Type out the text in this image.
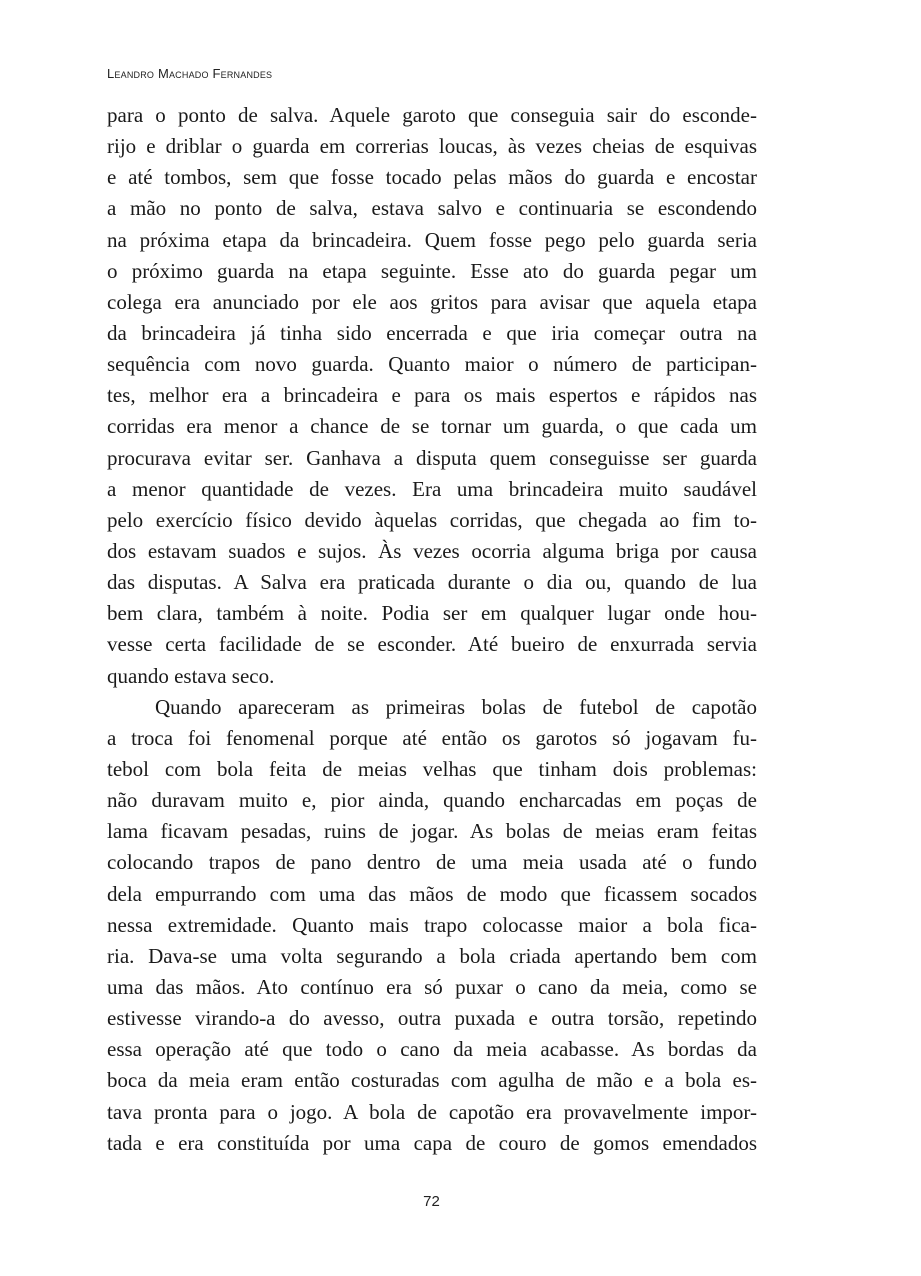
Leandro Machado Fernandes
para o ponto de salva. Aquele garoto que conseguia sair do esconde-
rijo e driblar o guarda em correrias loucas, às vezes cheias de esquivas
e até tombos, sem que fosse tocado pelas mãos do guarda e encostar
a mão no ponto de salva, estava salvo e continuaria se escondendo
na próxima etapa da brincadeira. Quem fosse pego pelo guarda seria
o próximo guarda na etapa seguinte. Esse ato do guarda pegar um
colega era anunciado por ele aos gritos para avisar que aquela etapa
da brincadeira já tinha sido encerrada e que iria começar outra na
sequência com novo guarda. Quanto maior o número de participan-
tes, melhor era a brincadeira e para os mais espertos e rápidos nas
corridas era menor a chance de se tornar um guarda, o que cada um
procurava evitar ser. Ganhava a disputa quem conseguisse ser guarda
a menor quantidade de vezes. Era uma brincadeira muito saudável
pelo exercício físico devido àquelas corridas, que chegada ao fim to-
dos estavam suados e sujos. Às vezes ocorria alguma briga por causa
das disputas. A Salva era praticada durante o dia ou, quando de lua
bem clara, também à noite. Podia ser em qualquer lugar onde hou-
vesse certa facilidade de se esconder. Até bueiro de enxurrada servia
quando estava seco.
Quando apareceram as primeiras bolas de futebol de capotão
a troca foi fenomenal porque até então os garotos só jogavam fu-
tebol com bola feita de meias velhas que tinham dois problemas:
não duravam muito e, pior ainda, quando encharcadas em poças de
lama ficavam pesadas, ruins de jogar. As bolas de meias eram feitas
colocando trapos de pano dentro de uma meia usada até o fundo
dela empurrando com uma das mãos de modo que ficassem socados
nessa extremidade. Quanto mais trapo colocasse maior a bola fica-
ria. Dava-se uma volta segurando a bola criada apertando bem com
uma das mãos. Ato contínuo era só puxar o cano da meia, como se
estivesse virando-a do avesso, outra puxada e outra torsão, repetindo
essa operação até que todo o cano da meia acabasse. As bordas da
boca da meia eram então costuradas com agulha de mão e a bola es-
tava pronta para o jogo. A bola de capotão era provavelmente impor-
tada e era constituída por uma capa de couro de gomos emendados
72
